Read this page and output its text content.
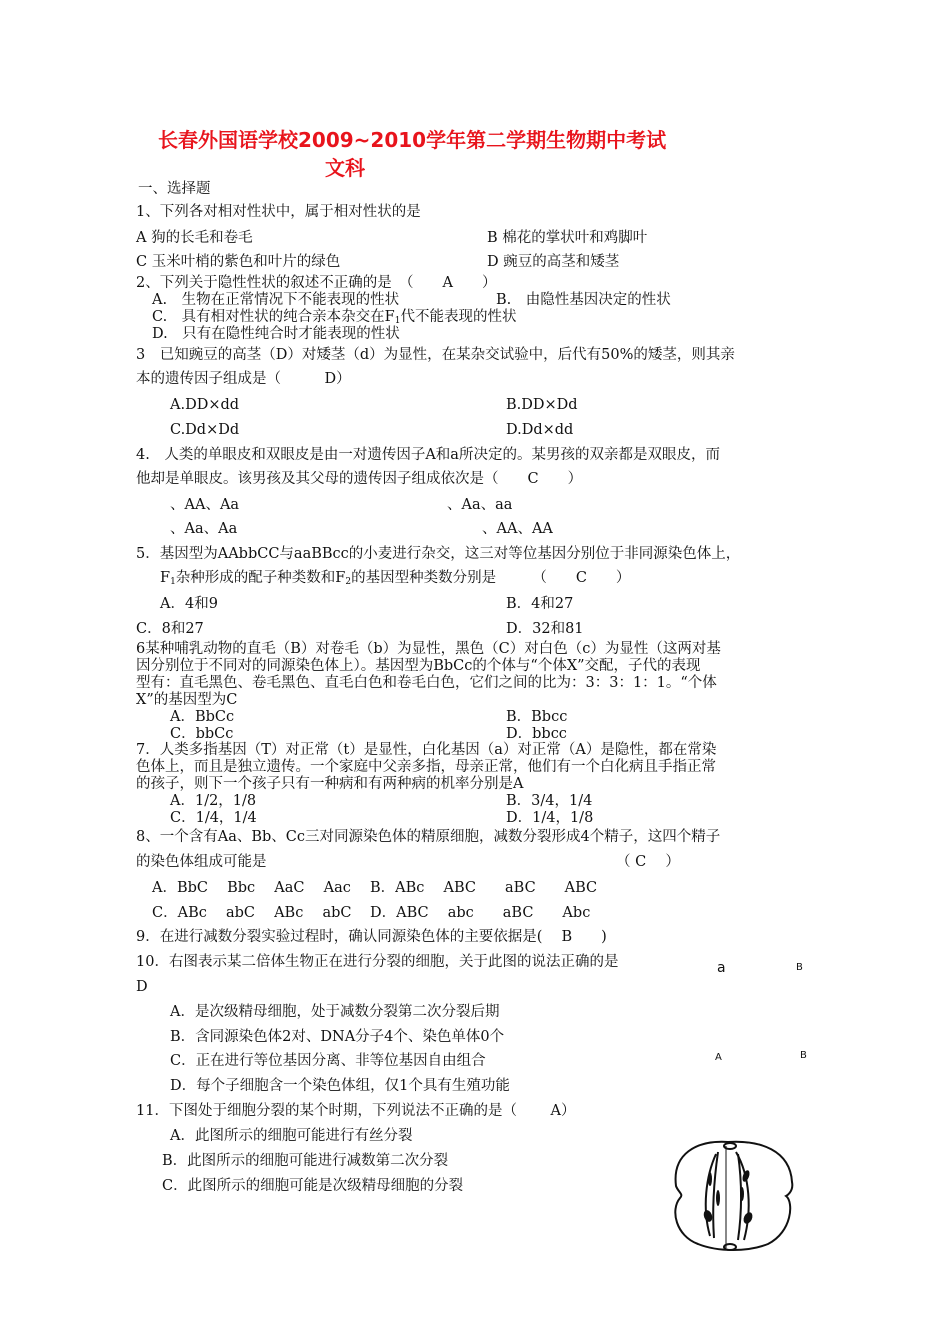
长春外国语学校2009~2010学年第二学期生物期中考试
文科
一、选择题
1、下列各对相对性状中，属于相对性状的是
A 狗的长毛和卷毛	B 棉花的掌状叶和鸡脚叶
C 玉米叶梢的紫色和叶片的绿色	D 豌豆的高茎和矮茎
2、下列关于隐性性状的叙述不正确的是　（　　A　　）
A.　生物在正常情况下不能表现的性状	B.　由隐性基因决定的性状
C.　具有相对性状的纯合亲本杂交在$F_1$代不能表现的性状
D.　只有在隐性纯合时才能表现的性状
3　已知豌豆的高茎（D）对矮茎（d）为显性，在某杂交试验中，后代有50%的矮茎，则其亲
本的遗传因子组成是（　　　D）
A.DD×dd	B.DD×Dd
C.Dd×Dd	D.Dd×dd
4.　人类的单眼皮和双眼皮是由一对遗传因子A和a所决定的。某男孩的双亲都是双眼皮，而
他却是单眼皮。该男孩及其父母的遗传因子组成依次是（　　C　　）
、AA、Aa	、Aa、aa
、Aa、Aa	、AA、AA
5．基因型为AAbbCC与aaBBcc的小麦进行杂交，这三对等位基因分别位于非同源染色体上，
$F_1$杂种形成的配子种类数和$F_2$的基因型种类数分别是　　　（　　C　　）
A．4和9	B．4和27
C．8和27	D．32和81
6某种哺乳动物的直毛（B）对卷毛（b）为显性，黑色（C）对白色（c）为显性（这两对基
因分别位于不同对的同源染色体上）。基因型为BbCc的个体与“个体X”交配，子代的表现
型有：直毛黑色、卷毛黑色、直毛白色和卷毛白色，它们之间的比为：3：3：1：1。“个体
X”的基因型为C
A．BbCc	B．Bbcc
C．bbCc	D．bbcc
7．人类多指基因（T）对正常（t）是显性，白化基因（a）对正常（A）是隐性，都在常染
色体上，而且是独立遗传。一个家庭中父亲多指，母亲正常，他们有一个白化病且手指正常
的孩子，则下一个孩子只有一种病和有两种病的机率分别是A
A．1/2，1/8	B．3/4，1/4
C．1/4，1/4	D．1/4，1/8
8、一个含有Aa、Bb、Cc三对同源染色体的精原细胞，减数分裂形成4个精子，这四个精子
的染色体组成可能是	（ C　 ）
A．BbC　 Bbc　 AaC　 Aac B．ABc　 ABC　　aBC　　ABC
C．ABc　 abC　 ABc　 abC D．ABC　 abc　　aBC　　Abc
9．在进行减数分裂实验过程时，确认同源染色体的主要依据是(　 B　　)
10．右图表示某二倍体生物正在进行分裂的细胞，关于此图的说法正确的是
D
A．是次级精母细胞，处于减数分裂第二次分裂后期
B．含同源染色体2对、DNA分子4个、染色单体0个
C．正在进行等位基因分离、非等位基因自由组合
D．每个子细胞含一个染色体组，仅1个具有生殖功能
a	B
A	B
11．下图处于细胞分裂的某个时期，下列说法不正确的是（　　 A）
A．此图所示的细胞可能进行有丝分裂
B．此图所示的细胞可能进行减数第二次分裂
C．此图所示的细胞可能是次级精母细胞的分裂
